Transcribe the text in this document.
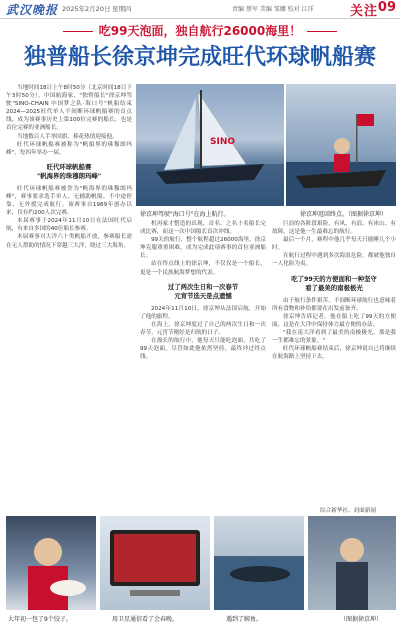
武汉晚报 2025年2月20日 星期四	责编 蔡军 美编 邹娜 校对 江洋	关注 09
吃99天泡面，独自航行26000海里！
独普船长徐京坤完成旺代环球帆船赛

当地时间18日上午8时50分（北京时间18日下午3时50分），中国航海家、"独臂船长"徐京坤驾驶"SINO-CHAIN 中国梦之队·海口号"帆船结束2024—2025旺代单人不间断环球帆船赛的首点线，成为该赛事历史上第100位完赛的船长，也是首位完赛的亚洲船长。

当地数百人手举国旗、捧花热情迎接他。

旺代环球帆船赛被称为"帆船界的珠穆朗玛峰"，每四年举办一届。

旺代环球帆船赛
"帆海界的珠穆朗玛峰"

旺代环球帆船赛被誉为"帆海界的珠穆朗玛峰"，赛事要求选手单人、无辅助帆船、不中途停靠、无外援完成航行。该赛事自1989年创办以来，仅有约200人次完赛。

本届赛事于2024年11月10日在法国旺代启航，有来自多国的40位船长参赛。

本届赛事对大洋六十类帆船开放，参赛船长需在无人帮助的情况下穿越三大洋，绕过三大海角。

SINO
徐京坤驾驶"海口号"在海上航行。	徐京坤返回终点。（图据徐京坤）

机再家才整造的出现，首名、之名十名船长完成比赛，而这一次中国船长首次冲线。

99天的航行，整个航程超过26000海里，徐京坤克服重重困难，成为完成此项赛事的首位亚洲船长。

站在终点线上的徐京坤，不仅仅是一个船长，更是一个民族航海梦想的代表。

过了两次生日和一次春节
元宵节选天是点遗憾

2024年11月10日，徐京坤从法国启航，开始了他的旅程。

在海上，徐京坤度过了自己的两次生日和一次春节，元宵节刚好是归航的日子。

在漫长的航行中，他每天只能吃泡面，共吃了99天泡面，尽管如此他依然坚持，最终冲过终点线。

巨浪的各阶段艰险，有风、有浪、有冰山、有故障，这是他一生最难忘的航行。

最后一个月，赛程中他几乎每天只能睡几个小时。

在航行过程中遇到多次海浪危险，都被他独自一人化险为夷。

吃了99天的方便面和一种坚守
看了最美的南极极光

由于航行条件艰苦，不间断环球航行也意味着所有食物和补给都要在出发前备齐。

徐京坤告诉记者，他在船上吃了99天的方便面，这是在大洋中保持体力最方便的办法。

"我在南大洋看到了最美的南极极光，那是我一生都难忘的景象。"

旺代环球帆船赛结束后，徐京坤说自己将继续在航海路上坚持下去。

综合新华社、封面新闻
大年初一包了9个饺子。	用卫星通信看了会春晚。	遇到了鲸鱼。	（图据徐京坤）
